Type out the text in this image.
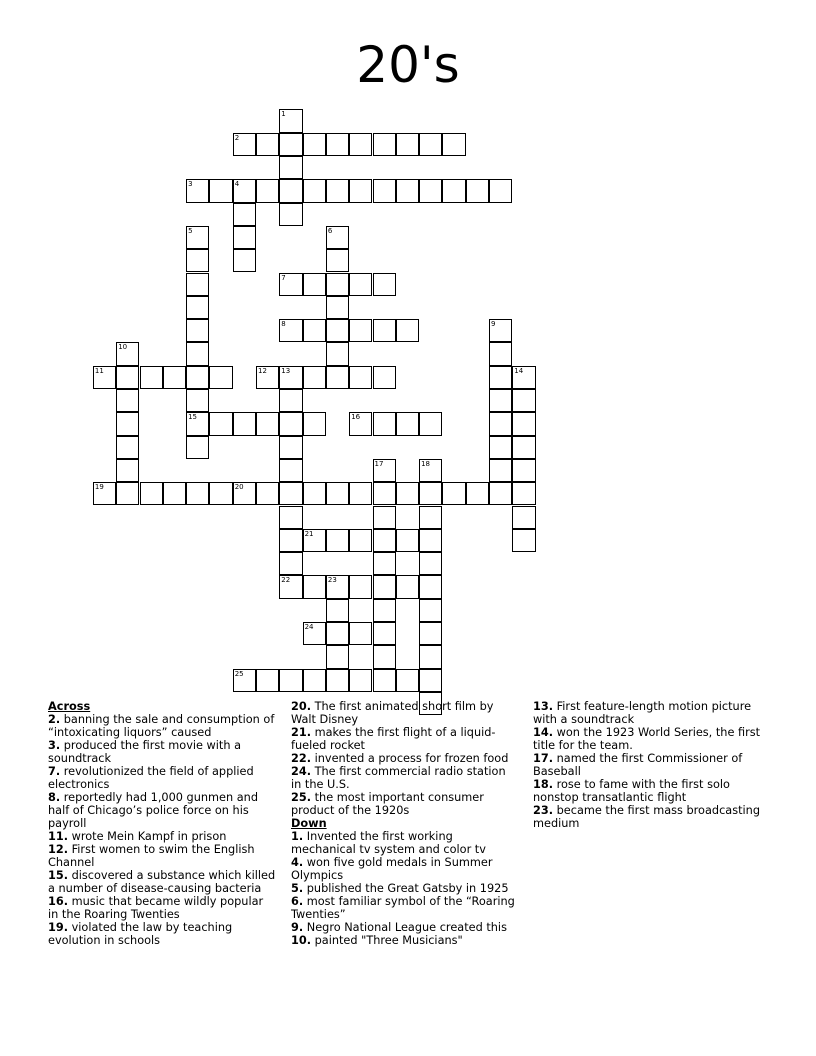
20's
2
1
3	4
5
15
6
7
8	9
10
11	12 13	14
22
16
17	18
19	20
21
23
24
25

Across

2. banning the sale and consumption of “intoxicating liquors” caused

3. produced the first movie with a soundtrack

7. revolutionized the field of applied electronics

8. reportedly had 1,000 gunmen and half of Chicago’s police force on his payroll

11. wrote Mein Kampf in prison

12. First women to swim the English Channel

15. discovered a substance which killed a number of disease-causing bacteria

16. music that became wildly popular in the Roaring Twenties

19. violated the law by teaching evolution in schools

20. The first animated short film by Walt Disney

21. makes the first flight of a liquid-fueled rocket

22. invented a process for frozen food

24. The first commercial radio station in the U.S.

25. the most important consumer product of the 1920s

Down

1. Invented the first working mechanical tv system and color tv

4. won five gold medals in Summer Olympics

5. published the Great Gatsby in 1925

6. most familiar symbol of the “Roaring Twenties”

9. Negro National League created this

10. painted "Three Musicians"

13. First feature-length motion picture with a soundtrack

14. won the 1923 World Series, the first title for the team.

17. named the first Commissioner of Baseball

18. rose to fame with the first solo nonstop transatlantic flight

23. became the first mass broadcasting medium
